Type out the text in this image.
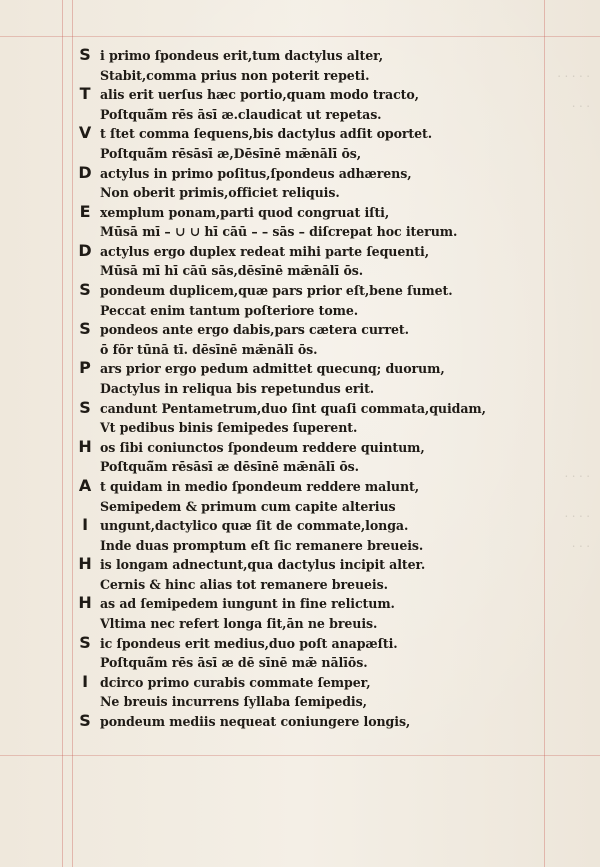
⋅ ⋅ ⋅ ⋅ ⋅
⋅ ⋅ ⋅
⋅ ⋅ ⋅ ⋅
⋅ ⋅ ⋅ ⋅
⋅ ⋅ ⋅
S i primo ſpondeus erit,tum dactylus alter,
Stabit,comma prius non poterit repeti.
T alis erit uerſus hæc portio,quam modo tracto,
Poſtquā̃m rēs āsī æ.claudicat ut repetas.
V t ſtet comma ſequens,bis dactylus adſit oportet.
Poſtquā̃m rēsāsī æ,Dēsīnē mǣnālī ōs,
D actylus in primo poſitus,ſpondeus adhærens,
Non oberit primis,officiet reliquis.
E xemplum ponam,parti quod congruat iſti,
Mūsā mī – ∪ ∪ hī cāū – – sās – diſcrepat hoc iterum.
D actylus ergo duplex redeat mihi parte ſequenti,
Mūsā mī hī cāū sās,dēsīnē mǣnālī ōs.
S pondeum duplicem,quæ pars prior eſt,bene ſumet.
Peccat enim tantum poſteriore tome.
S pondeos ante ergo dabis,pars cætera curret.
ō fōr tūnā tī. dēsīnē mǣnālī ōs.
P ars prior ergo pedum admittet quecunq; duorum,
Dactylus in reliqua bis repetundus erit.
S candunt Pentametrum,duo ſint quaſi commata,quidam,
Vt pedibus binis ſemipedes ſuperent.
H os ſibi coniunctos ſpondeum reddere quintum,
Poſtquā̃m rēsāsī æ dēsīnē mǣnālī ōs.
A t quidam in medio ſpondeum reddere malunt,
Semipedem & primum cum capite alterius
I ungunt,dactylico quæ ſit de commate,longa.
Inde duas promptum eſt ſic remanere breueis.
H is longam adnectunt,qua dactylus incipit alter.
Cernis & hinc alias tot remanere breueis.
H as ad ſemipedem iungunt in fine relictum.
Vltima nec refert longa ſit,ān ne breuis.
S ic ſpondeus erit medius,duo poſt anapæſti.
Poſtquā̃m rēs āsī æ dē sīnē mǣ nālīōs.
I dcirco primo curabis commate ſemper,
Ne breuis incurrens ſyllaba ſemipedis,
S pondeum mediis nequeat coniungere longis,
